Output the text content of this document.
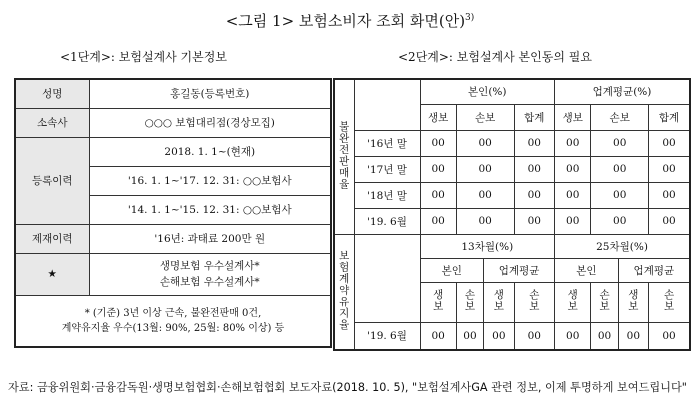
<그림 1> 보험소비자 조회 화면(안)$^{3)}$
<1단계>: 보험설계사 기본정보	<2단계>: 보험설계사 본인동의 필요
성명	홍길동(등록번호)
소속사	○○○ 보험대리점(경상모집)
등록이력	2018. 1. 1~(현재)
	'16. 1. 1~'17. 12. 31: ○○보험사
	'14. 1. 1~'15. 12. 31: ○○보험사
제재이력	'16년: 과태료 200만 원
★	생명보험 우수설계사*
손해보험 우수설계사*

* (기준) 3년 이상 근속, 불완전판매 0건,
계약유지율 우수(13월: 90%, 25월: 80% 이상) 등	
불완전판매율		본인(%)				업계평균(%)			
		생보	손보		합계	생보	손보		합계
	'16년 말	00	00		00	00	00		00
	'17년 말	00	00		00	00	00		00
	'18년 말	00	00		00	00	00		00
	'19. 6월	00	00		00	00	00		00
보험계약유지율		13차월(%)				25차월(%)			
		본인		업계평균		본인		업계평균	
		생보	손보	생보	손보	생보	손보	생보	손보
	'19. 6월	00	00	00	00	00	00	00	00
자료: 금융위원회·금융감독원·생명보험협회·손해보험협회 보도자료(2018. 10. 5), "보험설계사GA 관련 정보, 이제 투명하게 보여드립니다"
